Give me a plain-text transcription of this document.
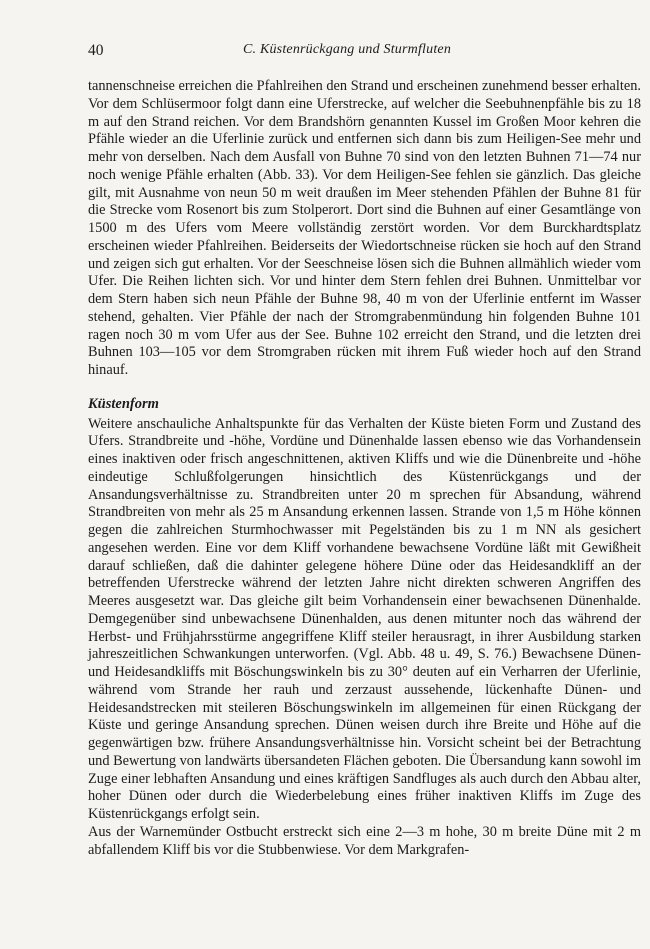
40	C. Küstenrückgang und Sturmfluten

tannenschneise erreichen die Pfahlreihen den Strand und erscheinen zunehmend besser erhalten. Vor dem Schlüsermoor folgt dann eine Uferstrecke, auf welcher die Seebuhnenpfähle bis zu 18 m auf den Strand reichen. Vor dem Brandshörn genannten Kussel im Großen Moor kehren die Pfähle wieder an die Uferlinie zurück und entfernen sich dann bis zum Heiligen-See mehr und mehr von derselben. Nach dem Ausfall von Buhne 70 sind von den letzten Buhnen 71—74 nur noch wenige Pfähle erhalten (Abb. 33). Vor dem Heiligen-See fehlen sie gänzlich. Das gleiche gilt, mit Ausnahme von neun 50 m weit draußen im Meer stehenden Pfählen der Buhne 81 für die Strecke vom Rosenort bis zum Stolperort. Dort sind die Buhnen auf einer Gesamtlänge von 1500 m des Ufers vom Meere vollständig zerstört worden. Vor dem Burckhardtsplatz erscheinen wieder Pfahlreihen. Beiderseits der Wiedortschneise rücken sie hoch auf den Strand und zeigen sich gut erhalten. Vor der Seeschneise lösen sich die Buhnen allmählich wieder vom Ufer. Die Reihen lichten sich. Vor und hinter dem Stern fehlen drei Buhnen. Unmittelbar vor dem Stern haben sich neun Pfähle der Buhne 98, 40 m von der Uferlinie entfernt im Wasser stehend, gehalten. Vier Pfähle der nach der Stromgrabenmündung hin folgenden Buhne 101 ragen noch 30 m vom Ufer aus der See. Buhne 102 erreicht den Strand, und die letzten drei Buhnen 103—105 vor dem Stromgraben rücken mit ihrem Fuß wieder hoch auf den Strand hinauf.

Küstenform

Weitere anschauliche Anhaltspunkte für das Verhalten der Küste bieten Form und Zustand des Ufers. Strandbreite und -höhe, Vordüne und Dünenhalde lassen ebenso wie das Vorhandensein eines inaktiven oder frisch angeschnittenen, aktiven Kliffs und wie die Dünenbreite und -höhe eindeutige Schlußfolgerungen hinsichtlich des Küstenrückgangs und der Ansandungsverhältnisse zu. Strandbreiten unter 20 m sprechen für Absandung, während Strandbreiten von mehr als 25 m Ansandung erkennen lassen. Strande von 1,5 m Höhe können gegen die zahlreichen Sturmhochwasser mit Pegelständen bis zu 1 m NN als gesichert angesehen werden. Eine vor dem Kliff vorhandene bewachsene Vordüne läßt mit Gewißheit darauf schließen, daß die dahinter gelegene höhere Düne oder das Heidesandkliff an der betreffenden Uferstrecke während der letzten Jahre nicht direkten schweren Angriffen des Meeres ausgesetzt war. Das gleiche gilt beim Vorhandensein einer bewachsenen Dünenhalde. Demgegenüber sind unbewachsene Dünenhalden, aus denen mitunter noch das während der Herbst- und Frühjahrsstürme angegriffene Kliff steiler herausragt, in ihrer Ausbildung starken jahreszeitlichen Schwankungen unterworfen. (Vgl. Abb. 48 u. 49, S. 76.) Bewachsene Dünen- und Heidesandkliffs mit Böschungswinkeln bis zu 30° deuten auf ein Verharren der Uferlinie, während vom Strande her rauh und zerzaust aussehende, lückenhafte Dünen- und Heidesandstrecken mit steileren Böschungswinkeln im allgemeinen für einen Rückgang der Küste und geringe Ansandung sprechen. Dünen weisen durch ihre Breite und Höhe auf die gegenwärtigen bzw. frühere Ansandungsverhältnisse hin. Vorsicht scheint bei der Betrachtung und Bewertung von landwärts übersandeten Flächen geboten. Die Übersandung kann sowohl im Zuge einer lebhaften Ansandung und eines kräftigen Sandfluges als auch durch den Abbau alter, hoher Dünen oder durch die Wiederbelebung eines früher inaktiven Kliffs im Zuge des Küstenrückgangs erfolgt sein.

Aus der Warnemünder Ostbucht erstreckt sich eine 2—3 m hohe, 30 m breite Düne mit 2 m abfallendem Kliff bis vor die Stubbenwiese. Vor dem Markgrafen-
